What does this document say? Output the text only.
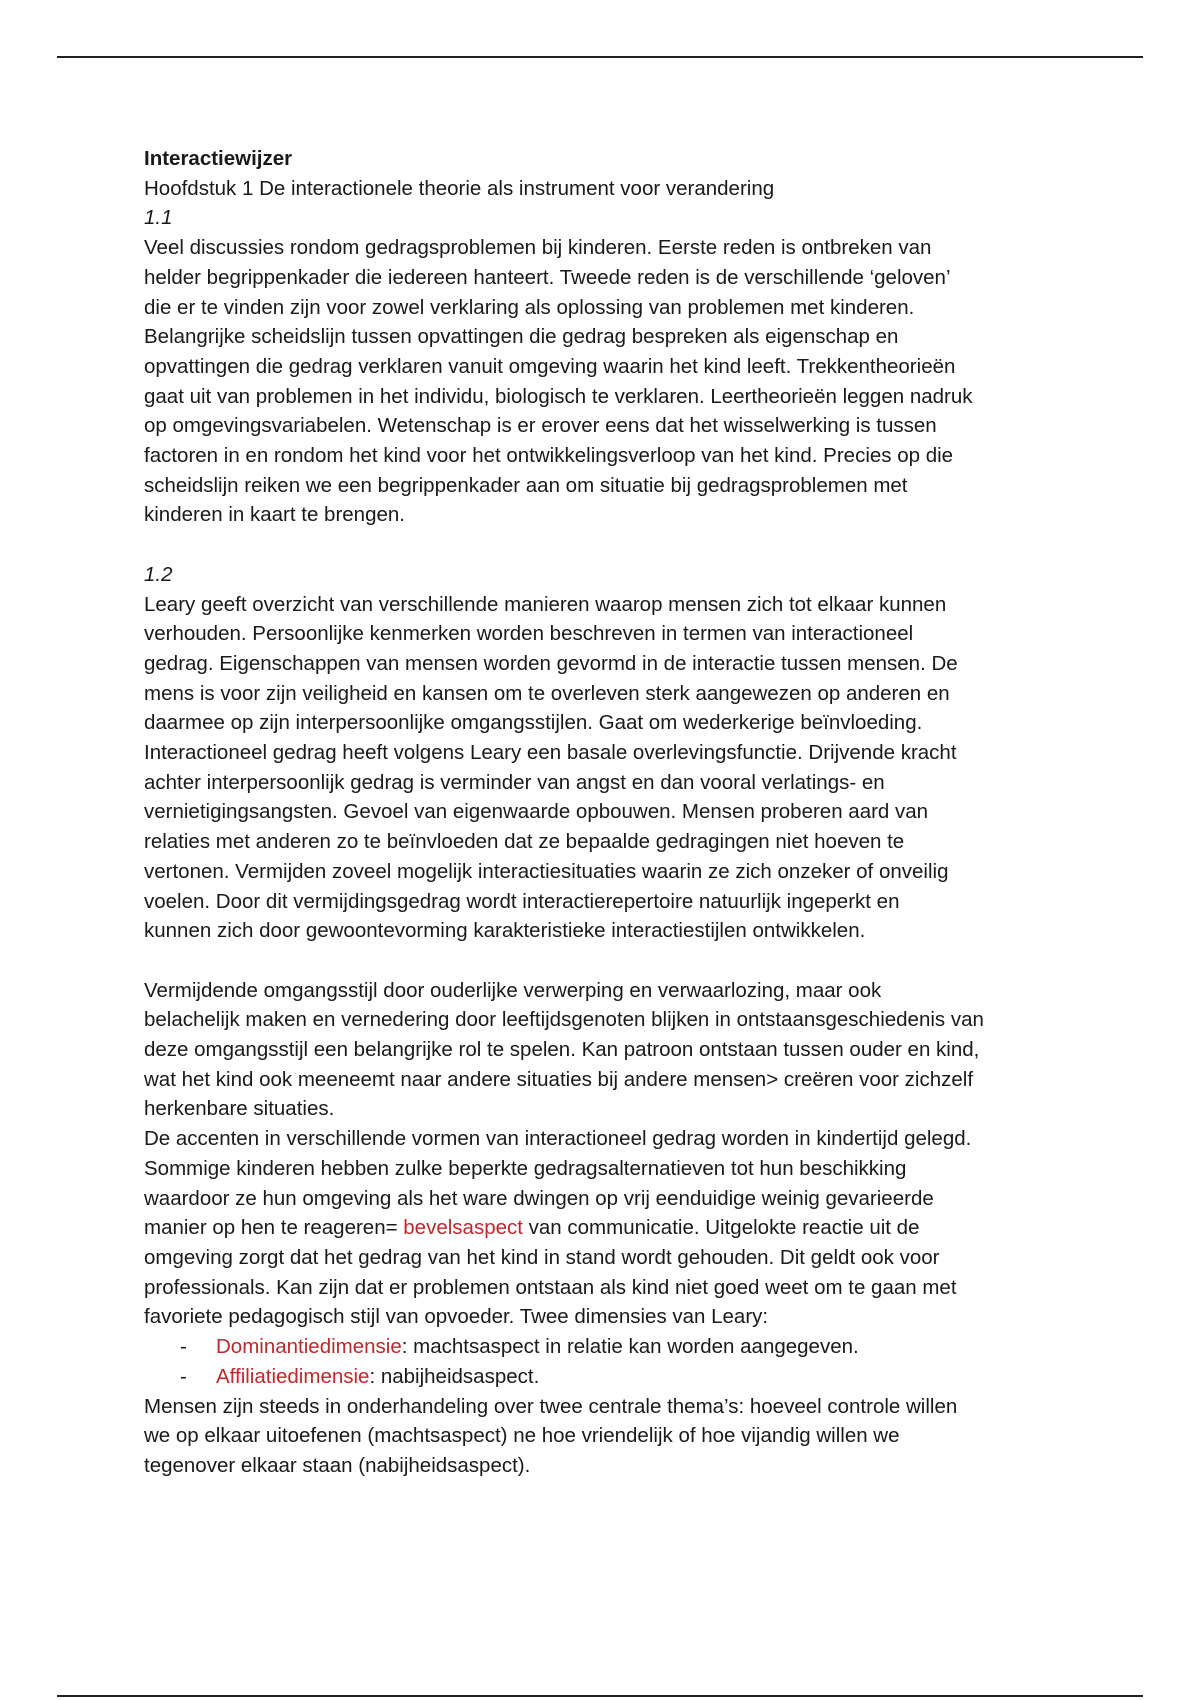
Interactiewijzer
Hoofdstuk 1 De interactionele theorie als instrument voor verandering
1.1
Veel discussies rondom gedragsproblemen bij kinderen. Eerste reden is ontbreken van
helder begrippenkader die iedereen hanteert. Tweede reden is de verschillende ‘geloven’
die er te vinden zijn voor zowel verklaring als oplossing van problemen met kinderen.
Belangrijke scheidslijn tussen opvattingen die gedrag bespreken als eigenschap en
opvattingen die gedrag verklaren vanuit omgeving waarin het kind leeft. Trekkentheorieën
gaat uit van problemen in het individu, biologisch te verklaren. Leertheorieën leggen nadruk
op omgevingsvariabelen. Wetenschap is er erover eens dat het wisselwerking is tussen
factoren in en rondom het kind voor het ontwikkelingsverloop van het kind. Precies op die
scheidslijn reiken we een begrippenkader aan om situatie bij gedragsproblemen met
kinderen in kaart te brengen.
1.2
Leary geeft overzicht van verschillende manieren waarop mensen zich tot elkaar kunnen
verhouden. Persoonlijke kenmerken worden beschreven in termen van interactioneel
gedrag. Eigenschappen van mensen worden gevormd in de interactie tussen mensen. De
mens is voor zijn veiligheid en kansen om te overleven sterk aangewezen op anderen en
daarmee op zijn interpersoonlijke omgangsstijlen. Gaat om wederkerige beïnvloeding.
Interactioneel gedrag heeft volgens Leary een basale overlevingsfunctie. Drijvende kracht
achter interpersoonlijk gedrag is verminder van angst en dan vooral verlatings- en
vernietigingsangsten. Gevoel van eigenwaarde opbouwen. Mensen proberen aard van
relaties met anderen zo te beïnvloeden dat ze bepaalde gedragingen niet hoeven te
vertonen. Vermijden zoveel mogelijk interactiesituaties waarin ze zich onzeker of onveilig
voelen. Door dit vermijdingsgedrag wordt interactierepertoire natuurlijk ingeperkt en
kunnen zich door gewoontevorming karakteristieke interactiestijlen ontwikkelen.
Vermijdende omgangsstijl door ouderlijke verwerping en verwaarlozing, maar ook
belachelijk maken en vernedering door leeftijdsgenoten blijken in ontstaansgeschiedenis van
deze omgangsstijl een belangrijke rol te spelen. Kan patroon ontstaan tussen ouder en kind,
wat het kind ook meeneemt naar andere situaties bij andere mensen> creëren voor zichzelf
herkenbare situaties.
De accenten in verschillende vormen van interactioneel gedrag worden in kindertijd gelegd.
Sommige kinderen hebben zulke beperkte gedragsalternatieven tot hun beschikking
waardoor ze hun omgeving als het ware dwingen op vrij eenduidige weinig gevarieerde
manier op hen te reageren= bevelsaspect van communicatie. Uitgelokte reactie uit de
omgeving zorgt dat het gedrag van het kind in stand wordt gehouden. Dit geldt ook voor
professionals. Kan zijn dat er problemen ontstaan als kind niet goed weet om te gaan met
favoriete pedagogisch stijl van opvoeder. Twee dimensies van Leary:
- Dominantiedimensie: machtsaspect in relatie kan worden aangegeven.
- Affiliatiedimensie: nabijheidsaspect.
Mensen zijn steeds in onderhandeling over twee centrale thema’s: hoeveel controle willen
we op elkaar uitoefenen (machtsaspect) ne hoe vriendelijk of hoe vijandig willen we
tegenover elkaar staan (nabijheidsaspect).
